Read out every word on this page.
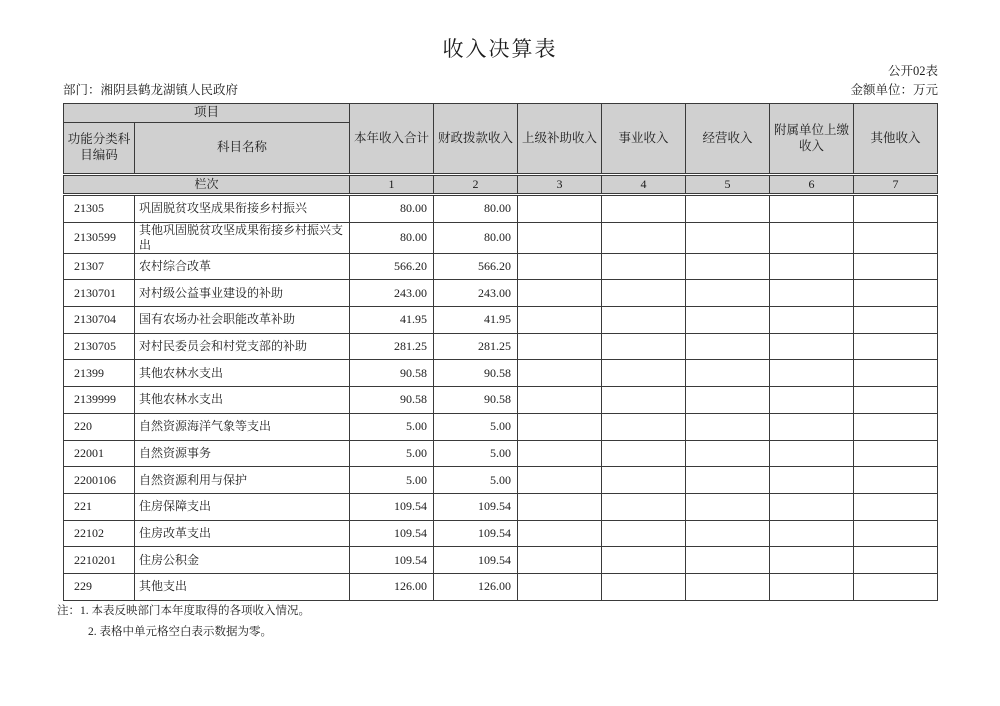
收入决算表
公开02表
部门：湘阴县鹤龙湖镇人民政府	金额单位：万元
项目		本年收入合计	财政拨款收入	上级补助收入	事业收入	经营收入	附属单位上缴收入	其他收入
功能分类科目编码	科目名称							
栏次		1	2	3	4	5	6	7
21305	巩固脱贫攻坚成果衔接乡村振兴	80.00	80.00					
2130599	其他巩固脱贫攻坚成果衔接乡村振兴支出	80.00	80.00					
21307	农村综合改革	566.20	566.20					
2130701	对村级公益事业建设的补助	243.00	243.00					
2130704	国有农场办社会职能改革补助	41.95	41.95					
2130705	对村民委员会和村党支部的补助	281.25	281.25					
21399	其他农林水支出	90.58	90.58					
2139999	其他农林水支出	90.58	90.58					
220	自然资源海洋气象等支出	5.00	5.00					
22001	自然资源事务	5.00	5.00					
2200106	自然资源利用与保护	5.00	5.00					
221	住房保障支出	109.54	109.54					
22102	住房改革支出	109.54	109.54					
2210201	住房公积金	109.54	109.54					
229	其他支出	126.00	126.00					
注：1. 本表反映部门本年度取得的各项收入情况。
2. 表格中单元格空白表示数据为零。
